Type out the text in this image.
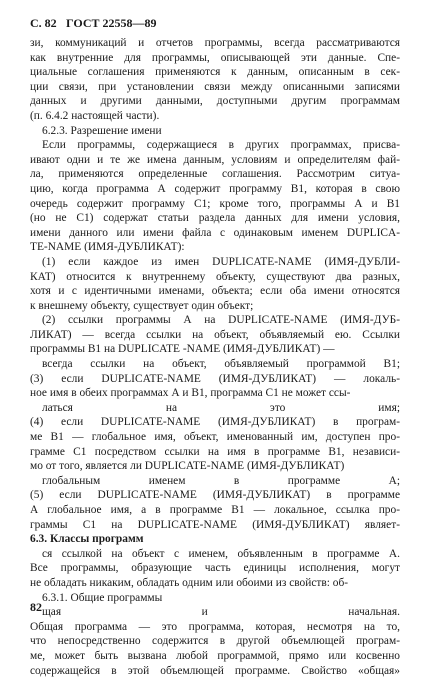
С. 82 ГОСТ 22558—89
зи, коммуникаций и отчетов программы, всегда рассматриваются
как внутренние для программы, описывающей эти данные. Спе-
циальные соглашения применяются к данным, описанным в сек-
ции связи, при установлении связи между описанными записями
данных и другими данными, доступными другим программам
(п. 6.4.2 настоящей части).
6.2.3. Разрешение имени
Если программы, содержащиеся в других программах, присва-
ивают одни и те же имена данным, условиям и определителям фай-
ла, применяются определенные соглашения. Рассмотрим ситуа-
цию, когда программа А содержит программу В1, которая в свою
очередь содержит программу С1; кроме того, программы А и В1
(но не С1) содержат статьи раздела данных для имени условия,
имени данного или имени файла с одинаковым именем DUPLICA-
TE-NAME (ИМЯ-ДУБЛИКАТ):
(1) если каждое из имен DUPLICATE-NAME (ИМЯ-ДУБЛИ-
КАТ) относится к внутреннему объекту, существуют два разных,
хотя и с идентичными именами, объекта; если оба имени относятся
к внешнему объекту, существует один объект;
(2) ссылки программы А на DUPLICATE-NAME (ИМЯ-ДУБ-
ЛИКАТ) — всегда ссылки на объект, объявляемый ею. Ссылки
программы В1 на DUPLICATE -NAME (ИМЯ-ДУБЛИКАТ) —
всегда ссылки на объект, объявляемый программой В1;
(3) если DUPLICATE-NAME (ИМЯ-ДУБЛИКАТ) — локаль-
ное имя в обеих программах А и В1, программа С1 не может ссы-
латься на это имя;
(4) если DUPLICATE-NAME (ИМЯ-ДУБЛИКАТ) в програм-
ме В1 — глобальное имя, объект, именованный им, доступен про-
грамме С1 посредством ссылки на имя в программе В1, независи-
мо от того, является ли DUPLICATE-NAME (ИМЯ-ДУБЛИКАТ)
глобальным именем в программе А;
(5) если DUPLICATE-NAME (ИМЯ-ДУБЛИКАТ) в программе
А глобальное имя, а в программе В1 — локальное, ссылка про-
граммы С1 на DUPLICATE-NAME (ИМЯ-ДУБЛИКАТ) являет-
6.3. Классы программ
ся ссылкой на объект с именем, объявленным в программе А.
Все программы, образующие часть единицы исполнения, могут
не обладать никаким, обладать одним или обоими из свойств: об-
6.3.1. Общие программы
щая и начальная.
Общая программа — это программа, которая, несмотря на то,
что непосредственно содержится в другой объемлющей програм-
ме, может быть вызвана любой программой, прямо или косвенно
содержащейся в этой объемлющей программе. Свойство «общая»
82
